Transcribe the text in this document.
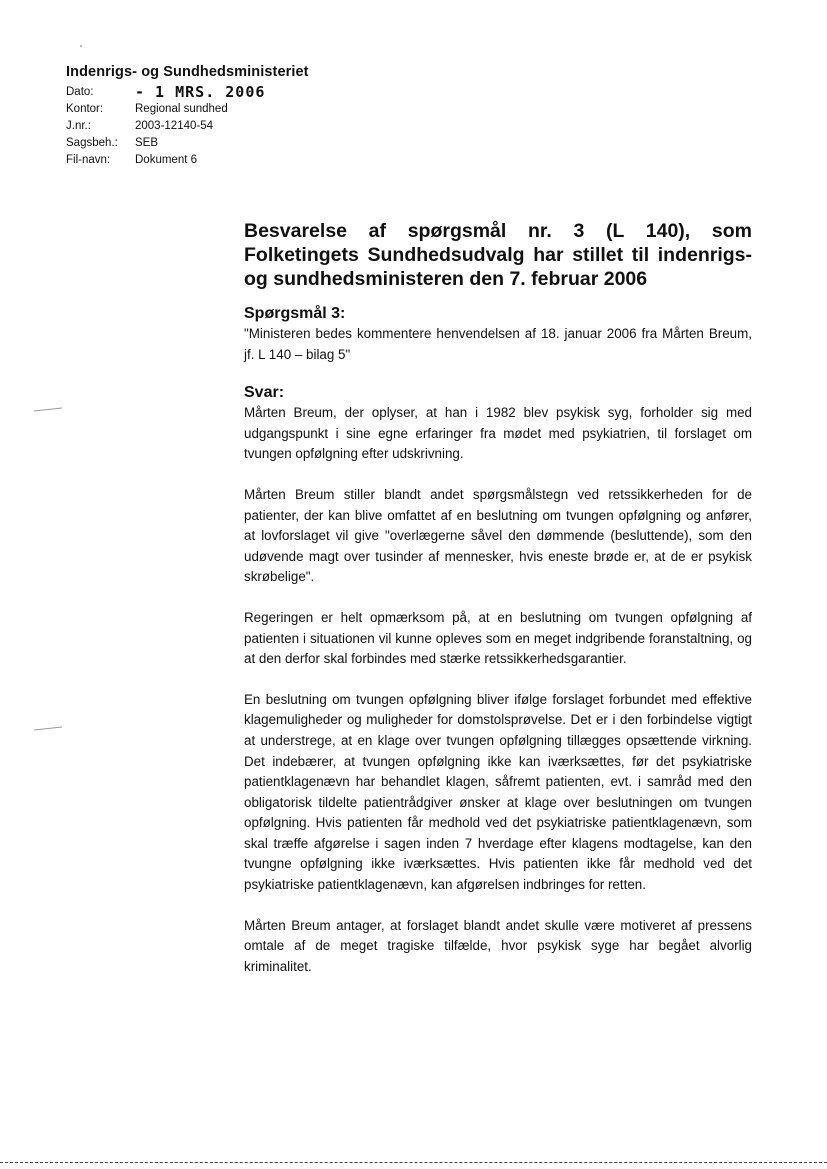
Indenrigs- og Sundhedsministeriet
Dato:	- 1 MRS. 2006
Kontor:	Regional sundhed
J.nr.:	2003-12140-54
Sagsbeh.:	SEB
Fil-navn:	Dokument 6
Besvarelse af spørgsmål nr. 3 (L 140), som Folketingets Sundhedsudvalg har stillet til indenrigs- og sundhedsministeren den 7. februar 2006
Spørgsmål 3:

"Ministeren bedes kommentere henvendelsen af 18. januar 2006 fra Mårten Breum, jf. L 140 – bilag 5"

Svar:

Mårten Breum, der oplyser, at han i 1982 blev psykisk syg, forholder sig med udgangspunkt i sine egne erfaringer fra mødet med psykiatrien, til forslaget om tvungen opfølgning efter udskrivning.

Mårten Breum stiller blandt andet spørgsmålstegn ved retssikkerheden for de patienter, der kan blive omfattet af en beslutning om tvungen opfølgning og anfører, at lovforslaget vil give "overlægerne såvel den dømmende (besluttende), som den udøvende magt over tusinder af mennesker, hvis eneste brøde er, at de er psykisk skrøbelige".

Regeringen er helt opmærksom på, at en beslutning om tvungen opfølgning af patienten i situationen vil kunne opleves som en meget indgribende foranstaltning, og at den derfor skal forbindes med stærke retssikkerhedsgarantier.

En beslutning om tvungen opfølgning bliver ifølge forslaget forbundet med effektive klagemuligheder og muligheder for domstolsprøvelse. Det er i den forbindelse vigtigt at understrege, at en klage over tvungen opfølgning tillægges opsættende virkning. Det indebærer, at tvungen opfølgning ikke kan iværksættes, før det psykiatriske patientklagenævn har behandlet klagen, såfremt patienten, evt. i samråd med den obligatorisk tildelte patientrådgiver ønsker at klage over beslutningen om tvungen opfølgning. Hvis patienten får medhold ved det psykiatriske patientklagenævn, som skal træffe afgørelse i sagen inden 7 hverdage efter klagens modtagelse, kan den tvungne opfølgning ikke iværksættes. Hvis patienten ikke får medhold ved det psykiatriske patientklagenævn, kan afgørelsen indbringes for retten.

Mårten Breum antager, at forslaget blandt andet skulle være motiveret af pressens omtale af de meget tragiske tilfælde, hvor psykisk syge har begået alvorlig kriminalitet.
